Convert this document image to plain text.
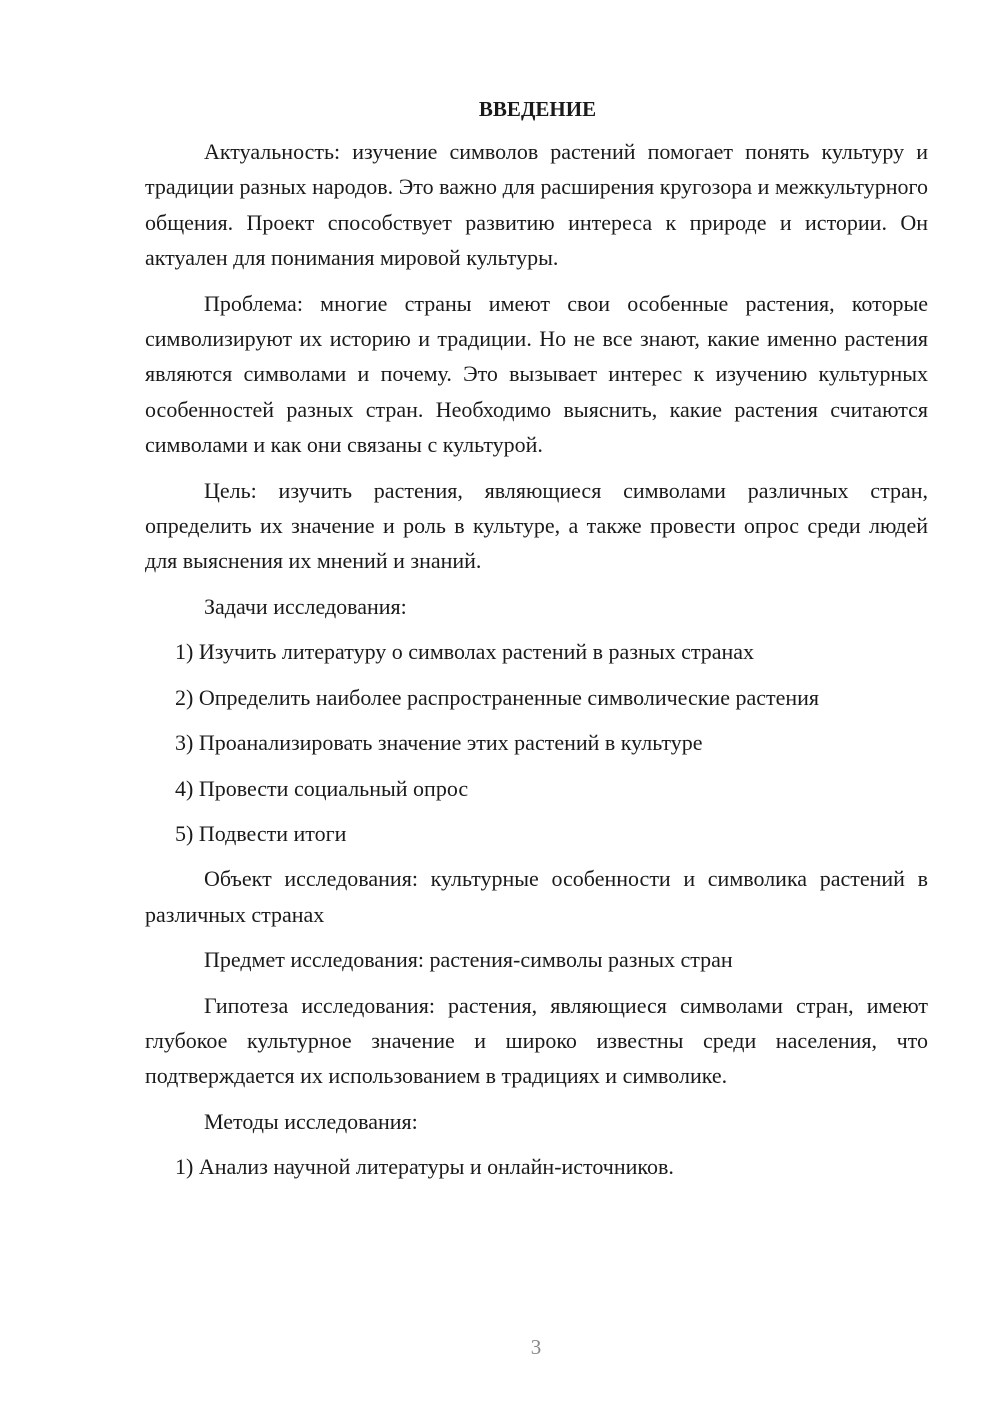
ВВЕДЕНИЕ

Актуальность: изучение символов растений помогает понять культуру и традиции разных народов. Это важно для расширения кругозора и межкультурного общения. Проект способствует развитию интереса к природе и истории. Он актуален для понимания мировой культуры.

Проблема: многие страны имеют свои особенные растения, которые символизируют их историю и традиции. Но не все знают, какие именно растения являются символами и почему. Это вызывает интерес к изучению культурных особенностей разных стран. Необходимо выяснить, какие растения считаются символами и как они связаны с культурой.

Цель: изучить растения, являющиеся символами различных стран, определить их значение и роль в культуре, а также провести опрос среди людей для выяснения их мнений и знаний.

Задачи исследования:

1) Изучить литературу о символах растений в разных странах
2) Определить наиболее распространенные символические растения
3) Проанализировать значение этих растений в культуре
4) Провести социальный опрос
5) Подвести итоги

Объект исследования: культурные особенности и символика растений в различных странах

Предмет исследования: растения-символы разных стран

Гипотеза исследования: растения, являющиеся символами стран, имеют глубокое культурное значение и широко известны среди населения, что подтверждается их использованием в традициях и символике.

Методы исследования:

1) Анализ научной литературы и онлайн-источников.
3
